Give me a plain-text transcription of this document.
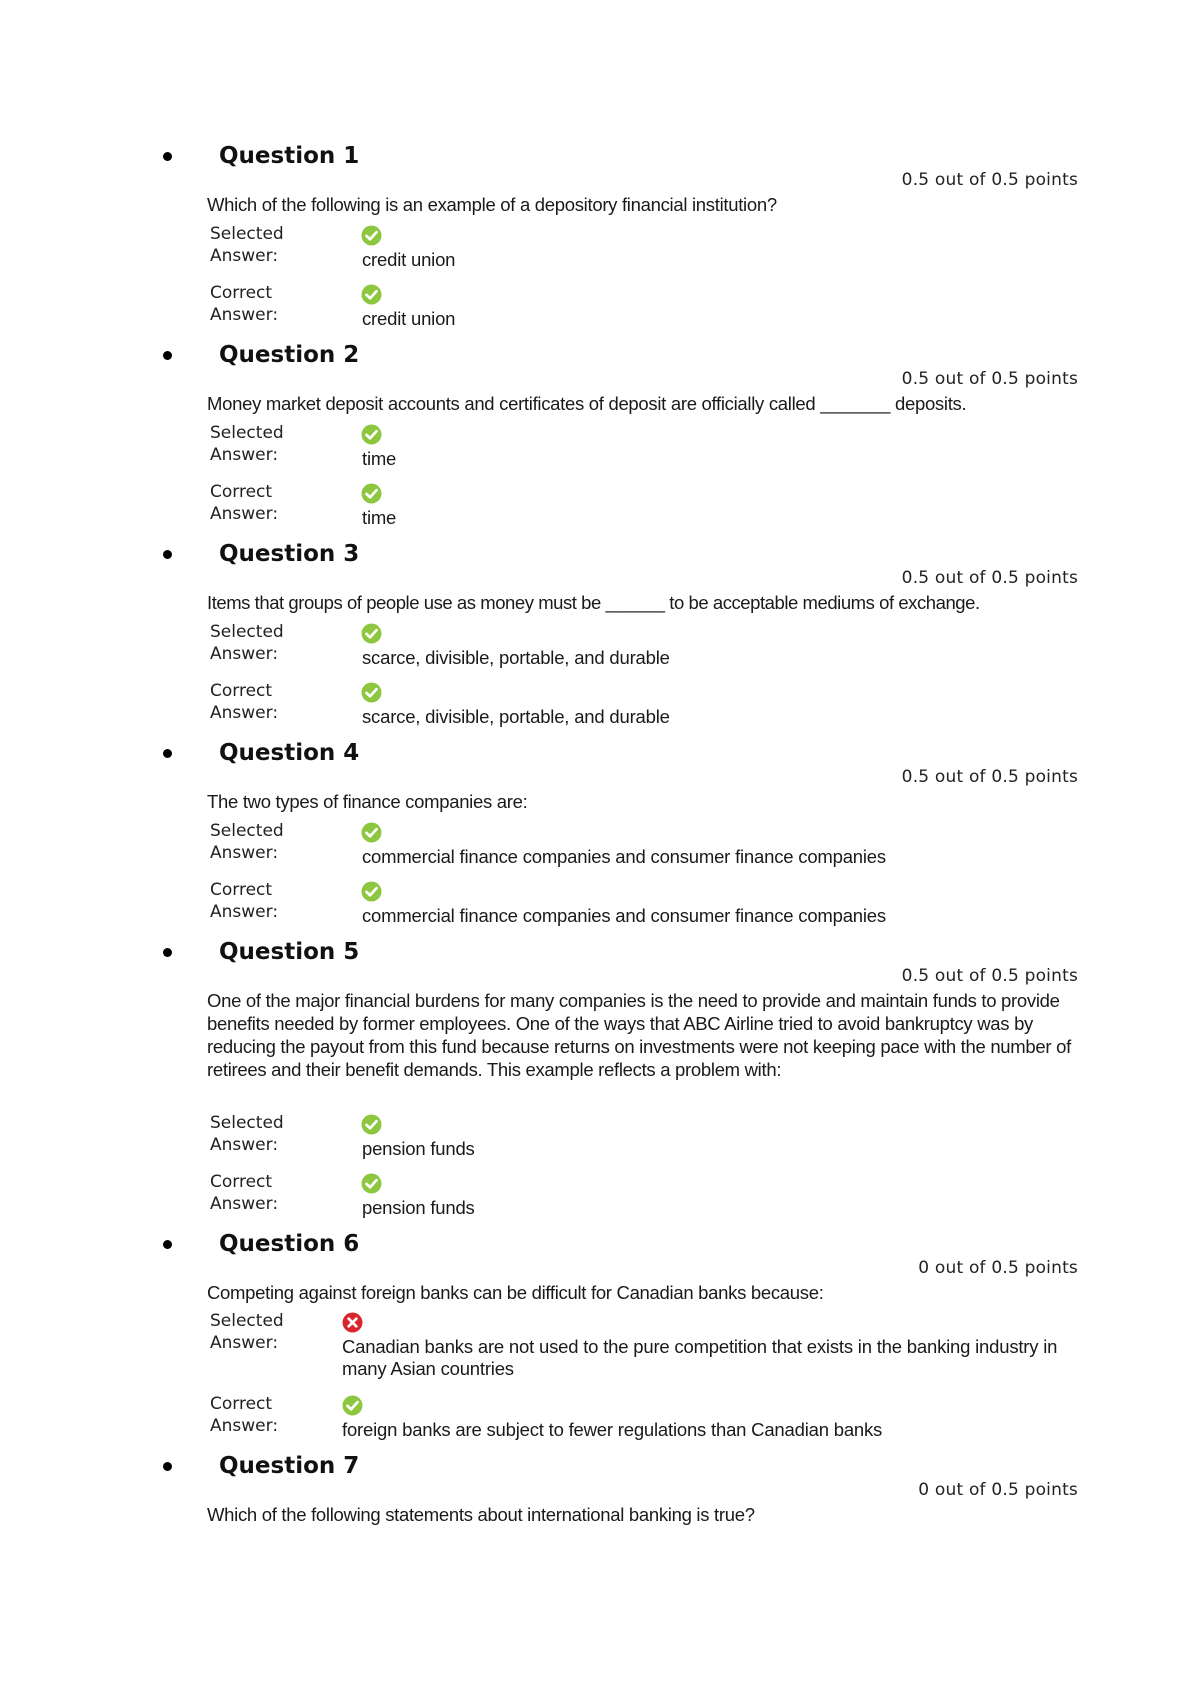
Question 1
0.5 out of 0.5 points
Which of the following is an example of a depository financial institution?
Selected
Answer:	credit union
Correct
Answer:	credit union
Question 2
0.5 out of 0.5 points
Money market deposit accounts and certificates of deposit are officially called _______ deposits.
Selected
Answer:	time
Correct
Answer:	time
Question 3
0.5 out of 0.5 points
Items that groups of people use as money must be ______ to be acceptable mediums of exchange.
Selected
Answer:	scarce, divisible, portable, and durable
Correct
Answer:	scarce, divisible, portable, and durable
Question 4
0.5 out of 0.5 points
The two types of finance companies are:
Selected
Answer:	commercial finance companies and consumer finance companies
Correct
Answer:	commercial finance companies and consumer finance companies
Question 5
0.5 out of 0.5 points
One of the major financial burdens for many companies is the need to provide and maintain funds to provide benefits needed by former employees. One of the ways that ABC Airline tried to avoid bankruptcy was by reducing the payout from this fund because returns on investments were not keeping pace with the number of retirees and their benefit demands. This example reflects a problem with:
Selected
Answer:	pension funds
Correct
Answer:	pension funds
Question 6
0 out of 0.5 points
Competing against foreign banks can be difficult for Canadian banks because:
Selected
Answer:	Canadian banks are not used to the pure competition that exists in the banking industry in many Asian countries
Correct
Answer:	foreign banks are subject to fewer regulations than Canadian banks
Question 7
0 out of 0.5 points
Which of the following statements about international banking is true?
